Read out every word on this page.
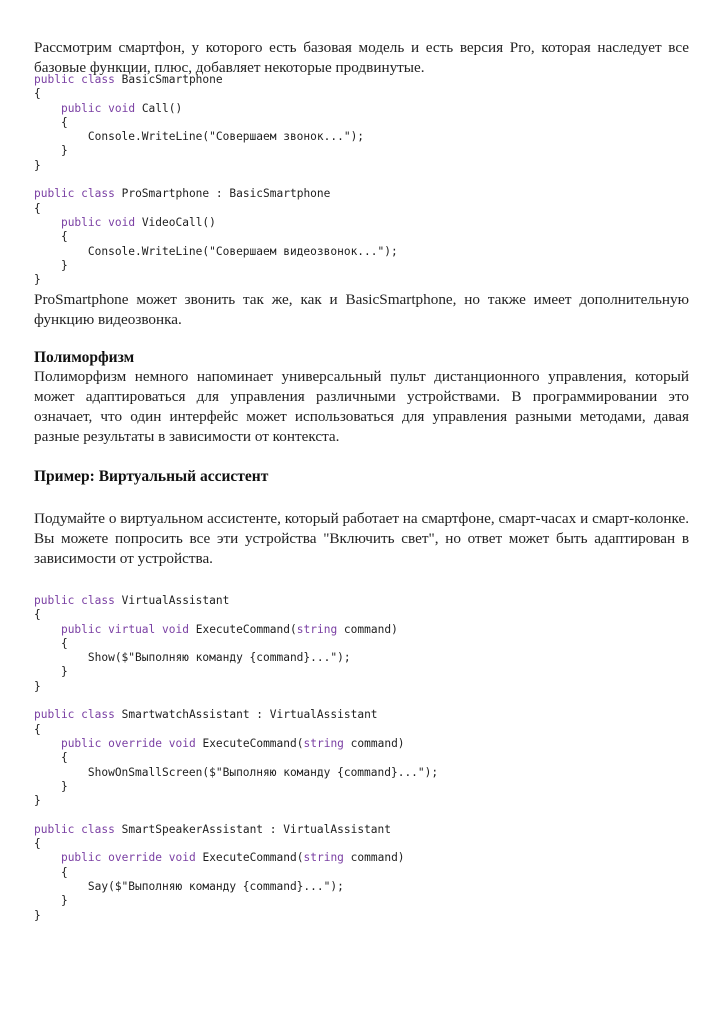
Рассмотрим смартфон, у которого есть базовая модель и есть версия Pro, которая наследует все базовые функции, плюс, добавляет некоторые продвинутые.

public class BasicSmartphone
{
public void Call()
{
Console.WriteLine("Совершаем звонок...");
}
}

public class ProSmartphone : BasicSmartphone
{
public void VideoCall()
{
Console.WriteLine("Совершаем видеозвонок...");
}
}

ProSmartphone может звонить так же, как и BasicSmartphone, но также имеет дополнительную функцию видеозвонка.

Полиморфизм

Полиморфизм немного напоминает универсальный пульт дистанционного управления, который может адаптироваться для управления различными устройствами. В программировании это означает, что один интерфейс может использоваться для управления разными методами, давая разные результаты в зависимости от контекста.

Пример: Виртуальный ассистент

Подумайте о виртуальном ассистенте, который работает на смартфоне, смарт-часах и смарт-колонке. Вы можете попросить все эти устройства "Включить свет", но ответ может быть адаптирован в зависимости от устройства.

public class VirtualAssistant
{
public virtual void ExecuteCommand(string command)
{
Show($"Выполняю команду {command}...");
}
}

public class SmartwatchAssistant : VirtualAssistant
{
public override void ExecuteCommand(string command)
{
ShowOnSmallScreen($"Выполняю команду {command}...");
}
}

public class SmartSpeakerAssistant : VirtualAssistant
{
public override void ExecuteCommand(string command)
{
Say($"Выполняю команду {command}...");
}
}
